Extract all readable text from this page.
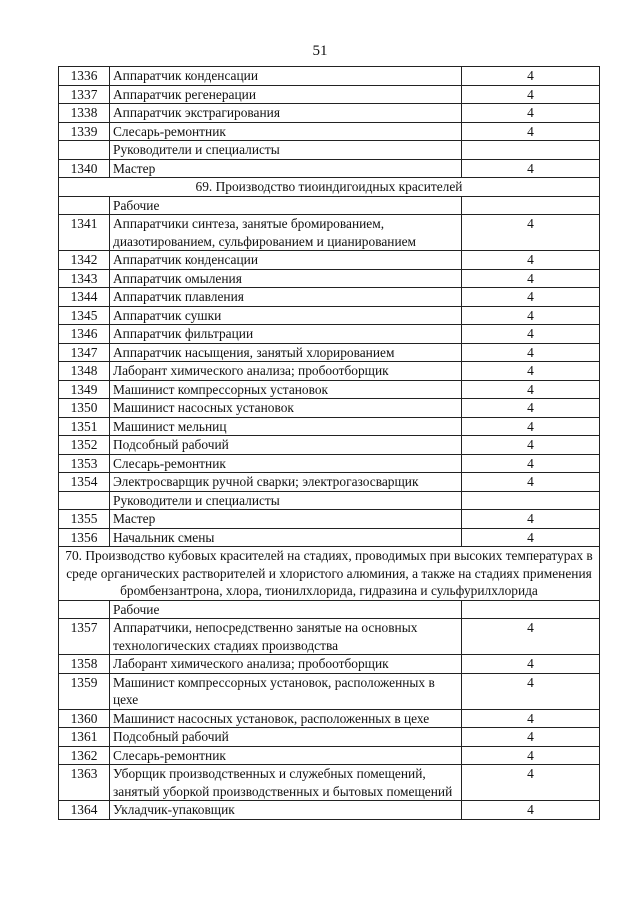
51
1336	Аппаратчик конденсации	4
1337	Аппаратчик регенерации	4
1338	Аппаратчик экстрагирования	4
1339	Слесарь-ремонтник	4
	Руководители и специалисты	
1340	Мастер	4
69. Производство тиоиндигоидных красителей		
	Рабочие	
1341	Аппаратчики синтеза, занятые бромированием, диазотированием, сульфированием и цианированием	4
1342	Аппаратчик конденсации	4
1343	Аппаратчик омыления	4
1344	Аппаратчик плавления	4
1345	Аппаратчик сушки	4
1346	Аппаратчик фильтрации	4
1347	Аппаратчик насыщения, занятый хлорированием	4
1348	Лаборант химического анализа; пробоотборщик	4
1349	Машинист компрессорных установок	4
1350	Машинист насосных установок	4
1351	Машинист мельниц	4
1352	Подсобный рабочий	4
1353	Слесарь-ремонтник	4
1354	Электросварщик ручной сварки; электрогазосварщик	4
	Руководители и специалисты	
1355	Мастер	4
1356	Начальник смены	4
70. Производство кубовых красителей на стадиях, проводимых при высоких температурах в среде органических растворителей и хлористого алюминия, а также на стадиях применения бромбензантрона, хлора, тионилхлорида, гидразина и сульфурилхлорида		
	Рабочие	
1357	Аппаратчики, непосредственно занятые на основных технологических стадиях производства	4
1358	Лаборант химического анализа; пробоотборщик	4
1359	Машинист компрессорных установок, расположенных в цехе	4
1360	Машинист насосных установок, расположенных в цехе	4
1361	Подсобный рабочий	4
1362	Слесарь-ремонтник	4
1363	Уборщик производственных и служебных помещений, занятый уборкой производственных и бытовых помещений	4
1364	Укладчик-упаковщик	4
